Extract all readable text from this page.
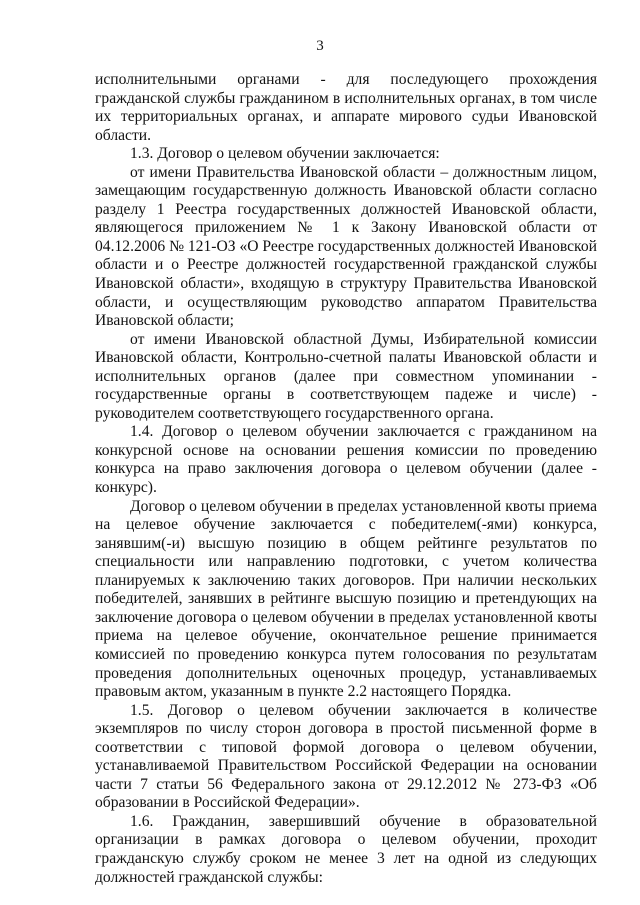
3

исполнительными органами - для последующего прохождения гражданской службы гражданином в исполнительных органах, в том числе их территориальных органах, и аппарате мирового судьи Ивановской области.

1.3. Договор о целевом обучении заключается:

от имени Правительства Ивановской области – должностным лицом, замещающим государственную должность Ивановской области согласно разделу 1 Реестра государственных должностей Ивановской области, являющегося приложением № 1 к Закону Ивановской области от 04.12.2006 № 121-ОЗ «О Реестре государственных должностей Ивановской области и о Реестре должностей государственной гражданской службы Ивановской области», входящую в структуру Правительства Ивановской области, и осуществляющим руководство аппаратом Правительства Ивановской области;

от имени Ивановской областной Думы, Избирательной комиссии Ивановской области, Контрольно-счетной палаты Ивановской области и исполнительных органов (далее при совместном упоминании - государственные органы в соответствующем падеже и числе) - руководителем соответствующего государственного органа.

1.4. Договор о целевом обучении заключается с гражданином на конкурсной основе на основании решения комиссии по проведению конкурса на право заключения договора о целевом обучении (далее - конкурс).

Договор о целевом обучении в пределах установленной квоты приема на целевое обучение заключается с победителем(-ями) конкурса, занявшим(-и) высшую позицию в общем рейтинге результатов по специальности или направлению подготовки, с учетом количества планируемых к заключению таких договоров. При наличии нескольких победителей, занявших в рейтинге высшую позицию и претендующих на заключение договора о целевом обучении в пределах установленной квоты приема на целевое обучение, окончательное решение принимается комиссией по проведению конкурса путем голосования по результатам проведения дополнительных оценочных процедур, устанавливаемых правовым актом, указанным в пункте 2.2 настоящего Порядка.

1.5. Договор о целевом обучении заключается в количестве экземпляров по числу сторон договора в простой письменной форме в соответствии с типовой формой договора о целевом обучении, устанавливаемой Правительством Российской Федерации на основании части 7 статьи 56 Федерального закона от 29.12.2012 № 273-ФЗ «Об образовании в Российской Федерации».

1.6. Гражданин, завершивший обучение в образовательной организации в рамках договора о целевом обучении, проходит гражданскую службу сроком не менее 3 лет на одной из следующих должностей гражданской службы:
